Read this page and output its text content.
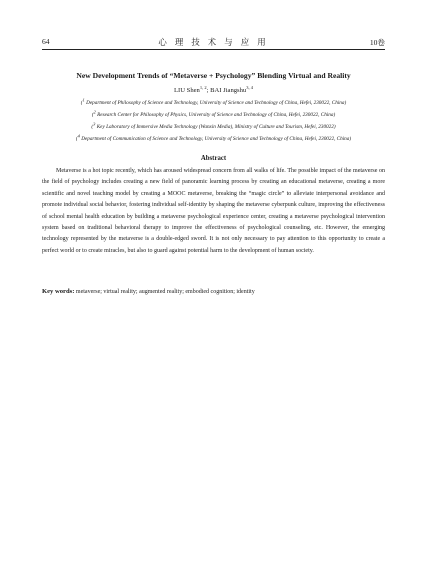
64	心 理 技 术 与 应 用	10卷
New Development Trends of “Metaverse + Psychology” Blending Virtual and Reality
LIU Shen$^{1, 2}$; BAI Jiangshu$^{3, 4}$
($^1$ Department of Philosophy of Science and Technology, University of Science and Technology of China, Hefei, 230022, China)
($^2$ Research Center for Philosophy of Physics, University of Science and Technology of China, Hefei, 230022, China)
($^3$ Key Laboratory of Immersive Media Technology (Wanxin Media), Ministry of Culture and Tourism, Hefei, 230022)
($^4$ Department of Communication of Science and Technology, University of Science and Technology of China, Hefei, 230022, China)
Abstract

Metaverse is a hot topic recently, which has aroused widespread concern from all walks of life. The possible impact of the metaverse on the field of psychology includes creating a new field of panoramic learning process by creating an educational metaverse, creating a more scientific and novel teaching model by creating a MOOC metaverse, breaking the “magic circle” to alleviate interpersonal avoidance and promote individual social behavior, fostering individual self-identity by shaping the metaverse cyberpunk culture, improving the effectiveness of school mental health education by building a metaverse psychological experience center, creating a metaverse psychological intervention system based on traditional behavioral therapy to improve the effectiveness of psychological counseling, etc. However, the emerging technology represented by the metaverse is a double-edged sword. It is not only necessary to pay attention to this opportunity to create a perfect world or to create miracles, but also to guard against potential harm to the development of human society.

Key words: metaverse; virtual reality; augmented reality; embodied cognition; identity
